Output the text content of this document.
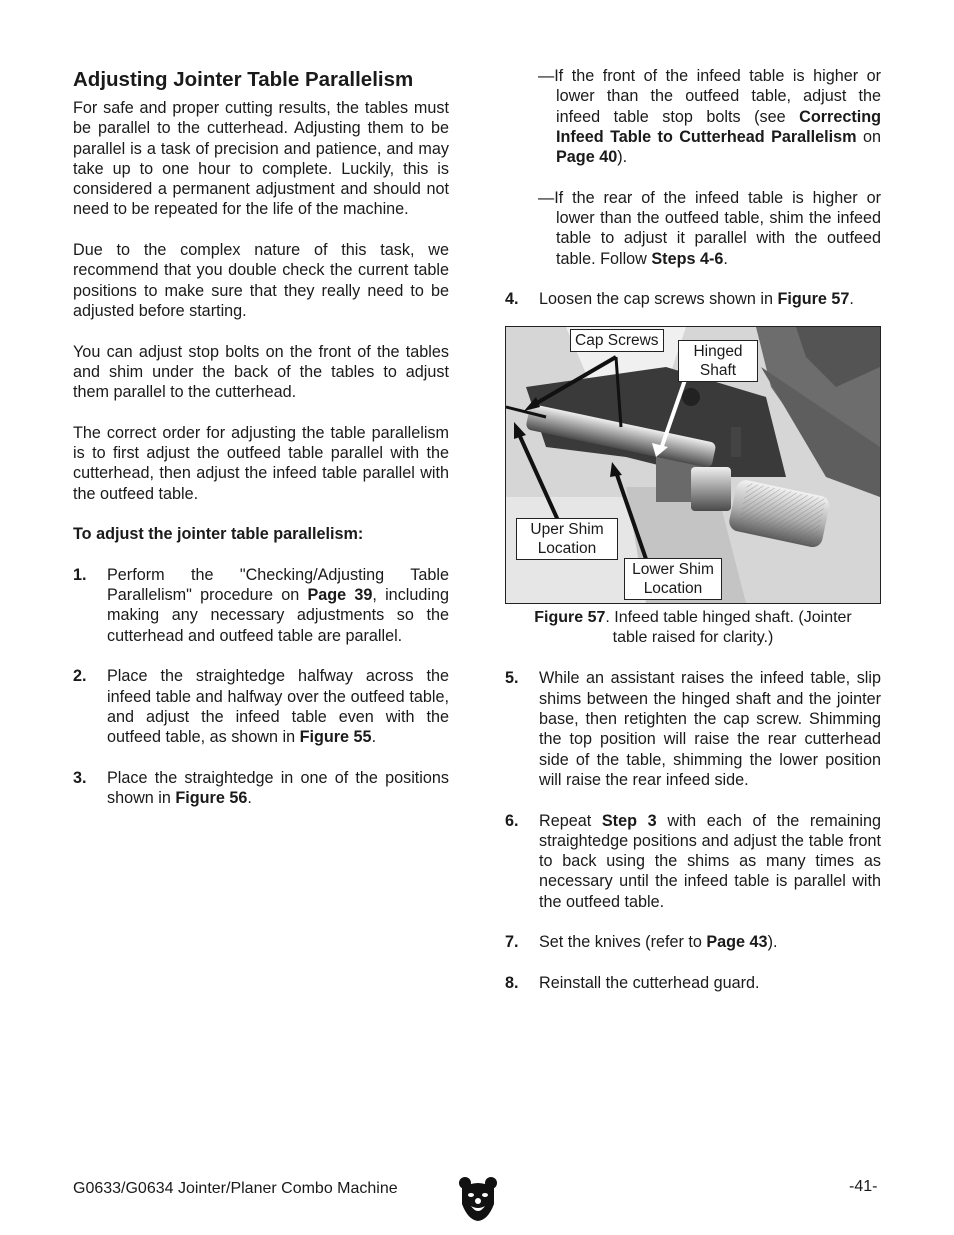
Adjusting Jointer Table Parallelism

For safe and proper cutting results, the tables must be parallel to the cutterhead. Adjusting them to be parallel is a task of precision and patience, and may take up to one hour to complete. Luckily, this is considered a permanent adjustment and should not need to be repeated for the life of the machine.

Due to the complex nature of this task, we recommend that you double check the current table positions to make sure that they really need to be adjusted before starting.

You can adjust stop bolts on the front of the tables and shim under the back of the tables to adjust them parallel to the cutterhead.

The correct order for adjusting the table parallelism is to first adjust the outfeed table parallel with the cutterhead, then adjust the infeed table parallel with the outfeed table.

To adjust the jointer table parallelism:
1.	Perform the "Checking/Adjusting Table Parallelism" procedure on Page 39, including making any necessary adjustments so the cutterhead and outfeed table are parallel.
2.	Place the straightedge halfway across the infeed table and halfway over the outfeed table, and adjust the infeed table even with the outfeed table, as shown in Figure 55.
3.	Place the straightedge in one of the positions shown in Figure 56.
—If the front of the infeed table is higher or lower than the outfeed table, adjust the infeed table stop bolts (see Correcting Infeed Table to Cutterhead Parallelism on Page 40).
—If the rear of the infeed table is higher or lower than the outfeed table, shim the infeed table to adjust it parallel with the outfeed table. Follow Steps 4-6.
4.	Loosen the cap screws shown in Figure 57.
Cap Screws
Hinged
Shaft
Uper Shim
Location
Lower Shim
Location
Figure 57. Infeed table hinged shaft. (Jointer table raised for clarity.)
5.	While an assistant raises the infeed table, slip shims between the hinged shaft and the jointer base, then retighten the cap screw. Shimming the top position will raise the rear cutterhead side of the table, shimming the lower position will raise the rear infeed side.
6.	Repeat Step 3 with each of the remaining straightedge positions and adjust the table front to back using the shims as many times as necessary until the infeed table is parallel with the outfeed table.
7.	Set the knives (refer to Page 43).
8.	Reinstall the cutterhead guard.
G0633/G0634 Jointer/Planer Combo Machine	-41-
